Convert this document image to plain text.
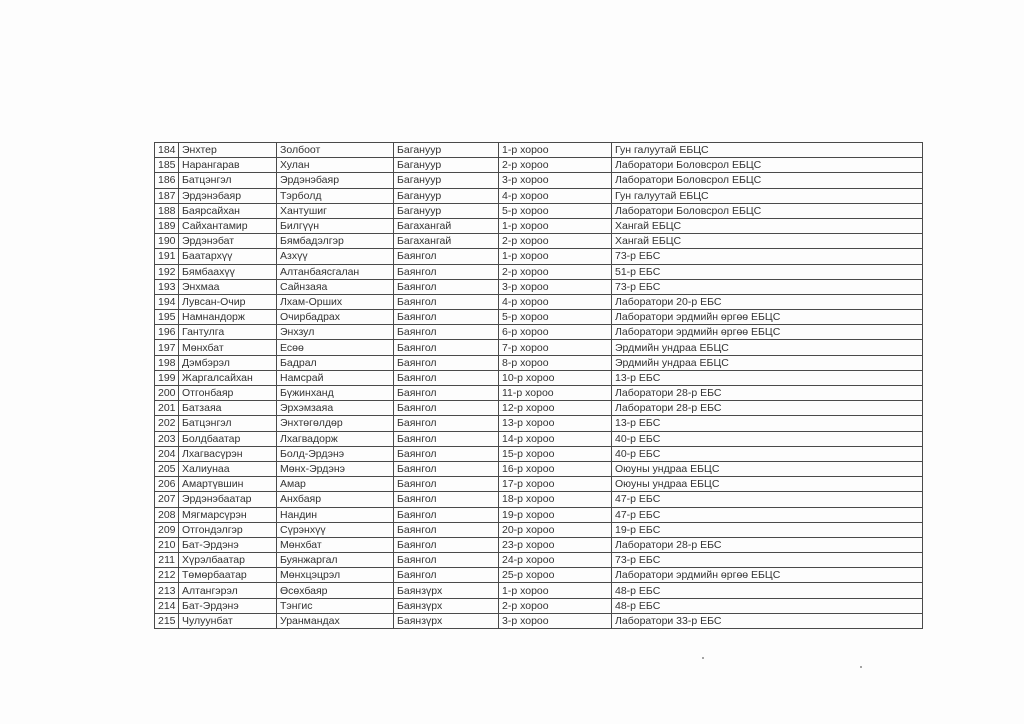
184	Энхтер	Золбоот	Багануур	1-р хороо	Гун галуутай ЕБЦС
185	Нарангарав	Хулан	Багануур	2-р хороо	Лаборатори Боловсрол ЕБЦС
186	Батцэнгэл	Эрдэнэбаяр	Багануур	3-р хороо	Лаборатори Боловсрол ЕБЦС
187	Эрдэнэбаяр	Тэрболд	Багануур	4-р хороо	Гун галуутай ЕБЦС
188	Баярсайхан	Хантушиг	Багануур	5-р хороо	Лаборатори Боловсрол ЕБЦС
189	Сайхантамир	Билгүүн	Багахангай	1-р хороо	Хангай ЕБЦС
190	Эрдэнэбат	Бямбадэлгэр	Багахангай	2-р хороо	Хангай ЕБЦС
191	Баатархүү	Азхүү	Баянгол	1-р хороо	73-р ЕБС
192	Бямбаахүү	Алтанбаясгалан	Баянгол	2-р хороо	51-р ЕБС
193	Энхмаа	Сайнзаяа	Баянгол	3-р хороо	73-р ЕБС
194	Лувсан-Очир	Лхам-Орших	Баянгол	4-р хороо	Лаборатори 20-р ЕБС
195	Намнандорж	Очирбадрах	Баянгол	5-р хороо	Лаборатори эрдмийн өргөө ЕБЦС
196	Гантулга	Энхзул	Баянгол	6-р хороо	Лаборатори эрдмийн өргөө ЕБЦС
197	Мөнхбат	Есөө	Баянгол	7-р хороо	Эрдмийн ундраа ЕБЦС
198	Дэмбэрэл	Бадрал	Баянгол	8-р хороо	Эрдмийн ундраа ЕБЦС
199	Жаргалсайхан	Намсрай	Баянгол	10-р хороо	13-р ЕБС
200	Отгонбаяр	Бүжинханд	Баянгол	11-р хороо	Лаборатори 28-р ЕБС
201	Батзаяа	Эрхэмзаяа	Баянгол	12-р хороо	Лаборатори 28-р ЕБС
202	Батцэнгэл	Энхтөгөлдөр	Баянгол	13-р хороо	13-р ЕБС
203	Болдбаатар	Лхагвадорж	Баянгол	14-р хороо	40-р ЕБС
204	Лхагвасүрэн	Болд-Эрдэнэ	Баянгол	15-р хороо	40-р ЕБС
205	Халиунаа	Мөнх-Эрдэнэ	Баянгол	16-р хороо	Оюуны ундраа ЕБЦС
206	Амартүвшин	Амар	Баянгол	17-р хороо	Оюуны ундраа ЕБЦС
207	Эрдэнэбаатар	Анхбаяр	Баянгол	18-р хороо	47-р ЕБС
208	Мягмарсүрэн	Нандин	Баянгол	19-р хороо	47-р ЕБС
209	Отгондэлгэр	Сүрэнхүү	Баянгол	20-р хороо	19-р ЕБС
210	Бат-Эрдэнэ	Мөнхбат	Баянгол	23-р хороо	Лаборатори 28-р ЕБС
211	Хүрэлбаатар	Буянжаргал	Баянгол	24-р хороо	73-р ЕБС
212	Төмөрбаатар	Мөнхцэцрэл	Баянгол	25-р хороо	Лаборатори эрдмийн өргөө ЕБЦС
213	Алтангэрэл	Өсөхбаяр	Баянзүрх	1-р хороо	48-р ЕБС
214	Бат-Эрдэнэ	Тэнгис	Баянзүрх	2-р хороо	48-р ЕБС
215	Чулуунбат	Уранмандах	Баянзүрх	3-р хороо	Лаборатори 33-р ЕБС
